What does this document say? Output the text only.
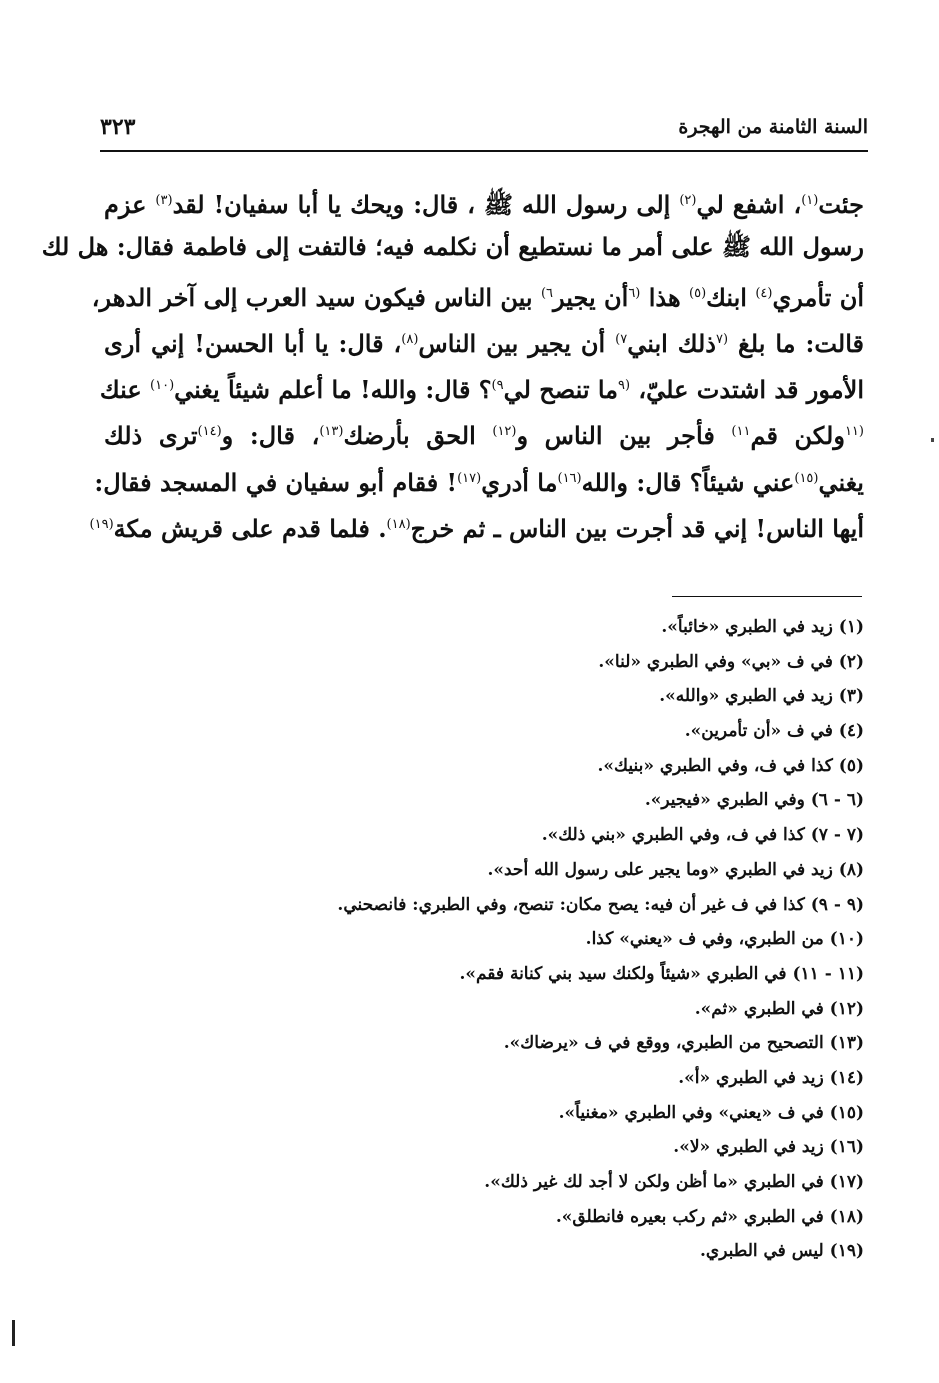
السنة الثامنة من الهجرة
٣٢٣
جئت$^{(١)}$، اشفع لي$^{(٢)}$ إلى رسول الله ﷺ ، قال: ويحك يا أبا سفيان! لقد$^{(٣)}$ عزم
رسول الله ﷺ على أمر ما نستطيع أن نكلمه فيه؛ فالتفت إلى فاطمة فقال: هل لك
أن تأمري$^{(٤)}$ ابنك$^{(٥)}$ هذا $^{(٦}$أن يجير$^{٦)}$ بين الناس فيكون سيد العرب إلى آخر الدهر،
قالت: ما بلغ $^{(٧}$ذلك ابني$^{٧)}$ أن يجير بين الناس$^{(٨)}$، قال: يا أبا الحسن! إني أرى
الأمور قد اشتدت عليّ، $^{(٩}$ما تنصح لي$^{٩)}$؟ قال: والله! ما أعلم شيئاً يغني$^{(١٠)}$ عنك
$^{(١١}$ولكن قم$^{١١)}$ فأجر بين الناس و$^{(١٢)}$ الحق بأرضك$^{(١٣)}$، قال: و$^{(١٤)}$ترى ذلك
يغني$^{(١٥)}$عني شيئاً؟ قال: والله$^{(١٦)}$ما أدري$^{(١٧)}$! فقام أبو سفيان في المسجد فقال:
أيها الناس! إني قد أجرت بين الناس ـ ثم خرج$^{(١٨)}$. فلما قدم على قريش مكة$^{(١٩)}$
(١) زيد في الطبري «خائباً».
(٢) في ف «بي» وفي الطبري «لنا».
(٣) زيد في الطبري «والله».
(٤) في ف «أن تأمرين».
(٥) كذا في ف، وفي الطبري «بنيك».
(٦ - ٦) وفي الطبري «فيجير».
(٧ - ٧) كذا في ف، وفي الطبري «بني ذلك».
(٨) زيد في الطبري «وما يجير على رسول الله أحد».
(٩ - ٩) كذا في ف غير أن فيه: يصح مكان: تنصح، وفي الطبري: فانصحني.
(١٠) من الطبري، وفي ف «يعني» كذا.
(١١ - ١١) في الطبري «شيئاً ولكنك سيد بني كنانة فقم».
(١٢) في الطبري «ثم».
(١٣) التصحيح من الطبري، ووقع في ف «يرضاك».
(١٤) زيد في الطبري «أ».
(١٥) في ف «يعني» وفي الطبري «مغنياً».
(١٦) زيد في الطبري «لا».
(١٧) في الطبري «ما أظن ولكن لا أجد لك غير ذلك».
(١٨) في الطبري «ثم ركب بعيره فانطلق».
(١٩) ليس في الطبري.
